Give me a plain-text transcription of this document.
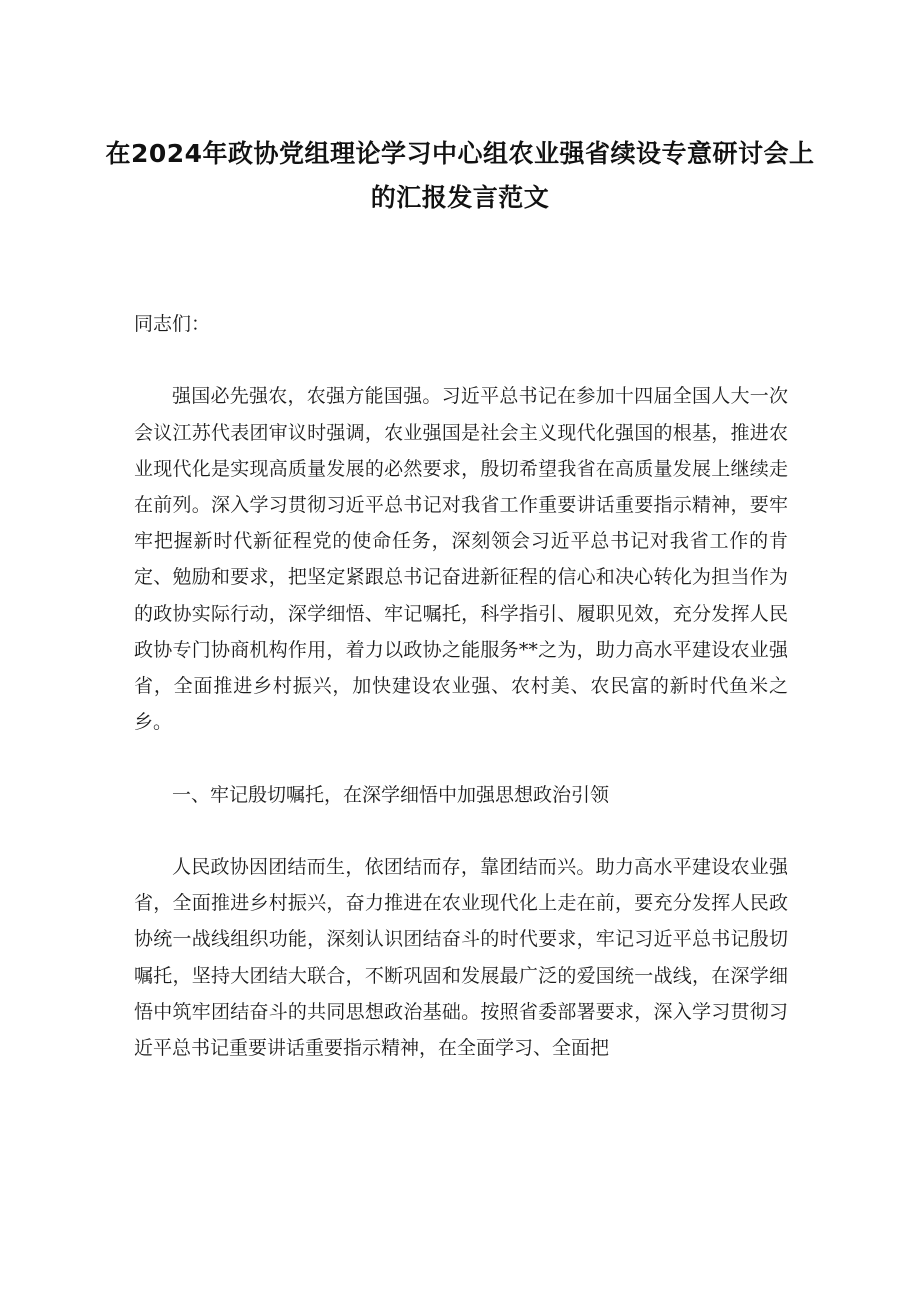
在2024年政协党组理论学习中心组农业强省续设专意研讨会上
的汇报发言范文

同志们：

强国必先强农，农强方能国强。习近平总书记在参加十四届全国人大一次会议江苏代表团审议时强调，农业强国是社会主义现代化强国的根基，推进农业现代化是实现高质量发展的必然要求，殷切希望我省在高质量发展上继续走在前列。深入学习贯彻习近平总书记对我省工作重要讲话重要指示精神，要牢牢把握新时代新征程党的使命任务，深刻领会习近平总书记对我省工作的肯定、勉励和要求，把坚定紧跟总书记奋进新征程的信心和决心转化为担当作为的政协实际行动，深学细悟、牢记嘱托，科学指引、履职见效，充分发挥人民政协专门协商机构作用，着力以政协之能服务**之为，助力高水平建设农业强省，全面推进乡村振兴，加快建设农业强、农村美、农民富的新时代鱼米之乡。

一、牢记殷切嘱托，在深学细悟中加强思想政治引领

人民政协因团结而生，依团结而存，靠团结而兴。助力高水平建设农业强省，全面推进乡村振兴，奋力推进在农业现代化上走在前，要充分发挥人民政协统一战线组织功能，深刻认识团结奋斗的时代要求，牢记习近平总书记殷切嘱托，坚持大团结大联合，不断巩固和发展最广泛的爱国统一战线，在深学细悟中筑牢团结奋斗的共同思想政治基础。按照省委部署要求，深入学习贯彻习近平总书记重要讲话重要指示精神，在全面学习、全面把
